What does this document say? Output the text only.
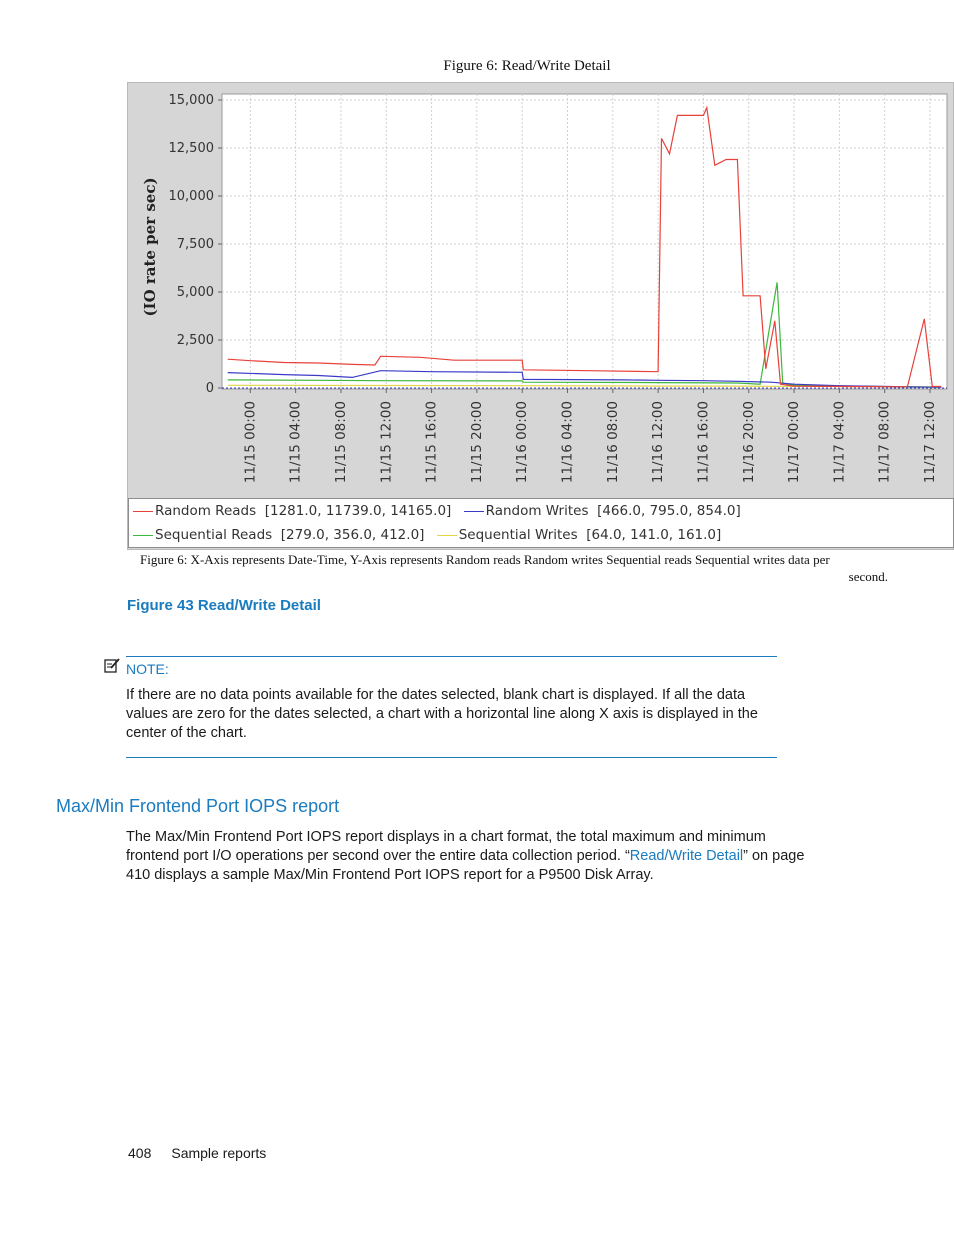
Figure 6: Read/Write Detail
0
2,500
5,000
7,500
10,000
12,500
15,000
11/15 00:00 11/15 04:00 11/15 08:00 11/15 12:00 11/15 16:00 11/15 20:00 11/16 00:00 11/16 04:00 11/16 08:00 11/16 12:00 11/16 16:00 11/16 20:00 11/17 00:00 11/17 04:00 11/17 08:00 11/17 12:00
(IO rate per sec)
Random Reads [1281.0, 11739.0, 14165.0]	Random Writes [466.0, 795.0, 854.0]
Sequential Reads [279.0, 356.0, 412.0]	Sequential Writes [64.0, 141.0, 161.0]
Figure 6: X-Axis represents Date-Time, Y-Axis represents Random reads Random writes Sequential reads Sequential writes data per
second.
Figure 43 Read/Write Detail
NOTE:
If there are no data points available for the dates selected, blank chart is displayed. If all the data values are zero for the dates selected, a chart with a horizontal line along X axis is displayed in the center of the chart.
Max/Min Frontend Port IOPS report
The Max/Min Frontend Port IOPS report displays in a chart format, the total maximum and minimum frontend port I/O operations per second over the entire data collection period. “Read/Write Detail” on page 410 displays a sample Max/Min Frontend Port IOPS report for a P9500 Disk Array.
408 Sample reports
